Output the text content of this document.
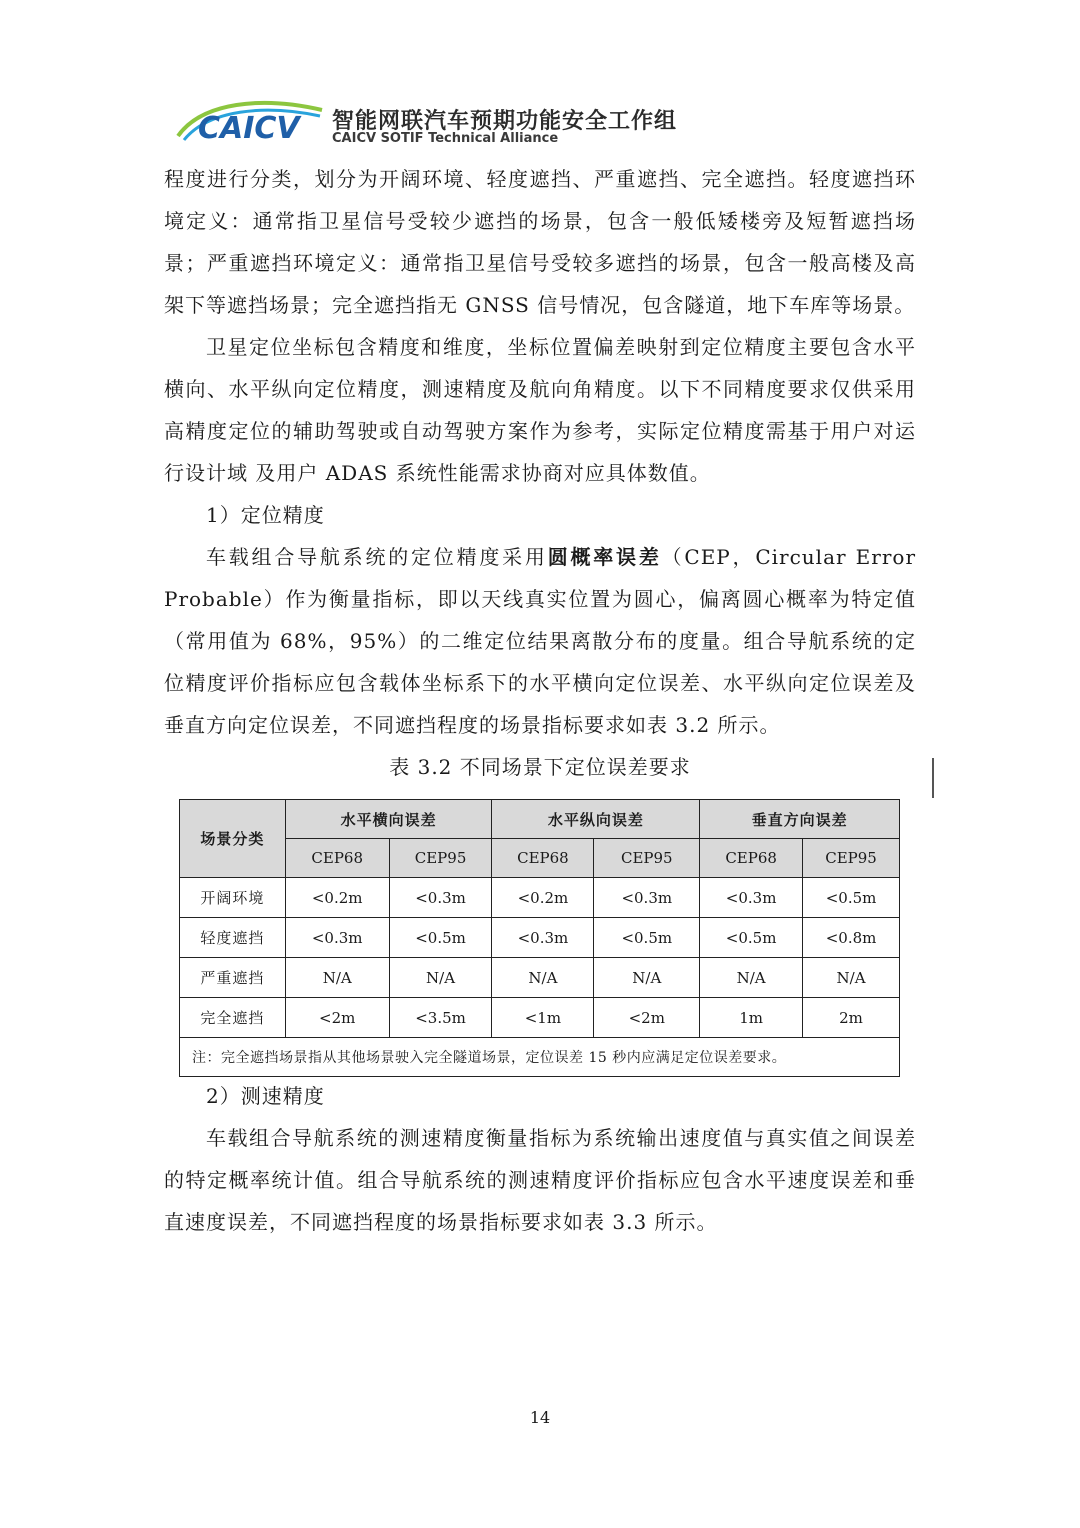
CAICV 智能网联汽车预期功能安全工作组
CAICV SOTIF Technical Alliance

程度进行分类，划分为开阔环境、轻度遮挡、严重遮挡、完全遮挡。轻度遮挡环境定义：通常指卫星信号受较少遮挡的场景，包含一般低矮楼旁及短暂遮挡场景；严重遮挡环境定义：通常指卫星信号受较多遮挡的场景，包含一般高楼及高架下等遮挡场景；完全遮挡指无 GNSS 信号情况，包含隧道，地下车库等场景。

卫星定位坐标包含精度和维度，坐标位置偏差映射到定位精度主要包含水平横向、水平纵向定位精度，测速精度及航向角精度。以下不同精度要求仅供采用高精度定位的辅助驾驶或自动驾驶方案作为参考，实际定位精度需基于用户对运行设计域 及用户 ADAS 系统性能需求协商对应具体数值。

1）定位精度

车载组合导航系统的定位精度采用圆概率误差（CEP，Circular Error Probable）作为衡量指标，即以天线真实位置为圆心，偏离圆心概率为特定值（常用值为 68%，95%）的二维定位结果离散分布的度量。组合导航系统的定位精度评价指标应包含载体坐标系下的水平横向定位误差、水平纵向定位误差及垂直方向定位误差，不同遮挡程度的场景指标要求如表 3.2 所示。

表 3.2 不同场景下定位误差要求

场景分类	水平横向误差		水平纵向误差		垂直方向误差	
	CEP68	CEP95	CEP68	CEP95	CEP68	CEP95
开阔环境	<0.2m	<0.3m	<0.2m	<0.3m	<0.3m	<0.5m
轻度遮挡	<0.3m	<0.5m	<0.3m	<0.5m	<0.5m	<0.8m
严重遮挡	N/A	N/A	N/A	N/A	N/A	N/A
完全遮挡	<2m	<3.5m	<1m	<2m	1m	2m
注：完全遮挡场景指从其他场景驶入完全隧道场景，定位误差 15 秒内应满足定位误差要求。						

2）测速精度

车载组合导航系统的测速精度衡量指标为系统输出速度值与真实值之间误差的特定概率统计值。组合导航系统的测速精度评价指标应包含水平速度误差和垂直速度误差，不同遮挡程度的场景指标要求如表 3.3 所示。

14
